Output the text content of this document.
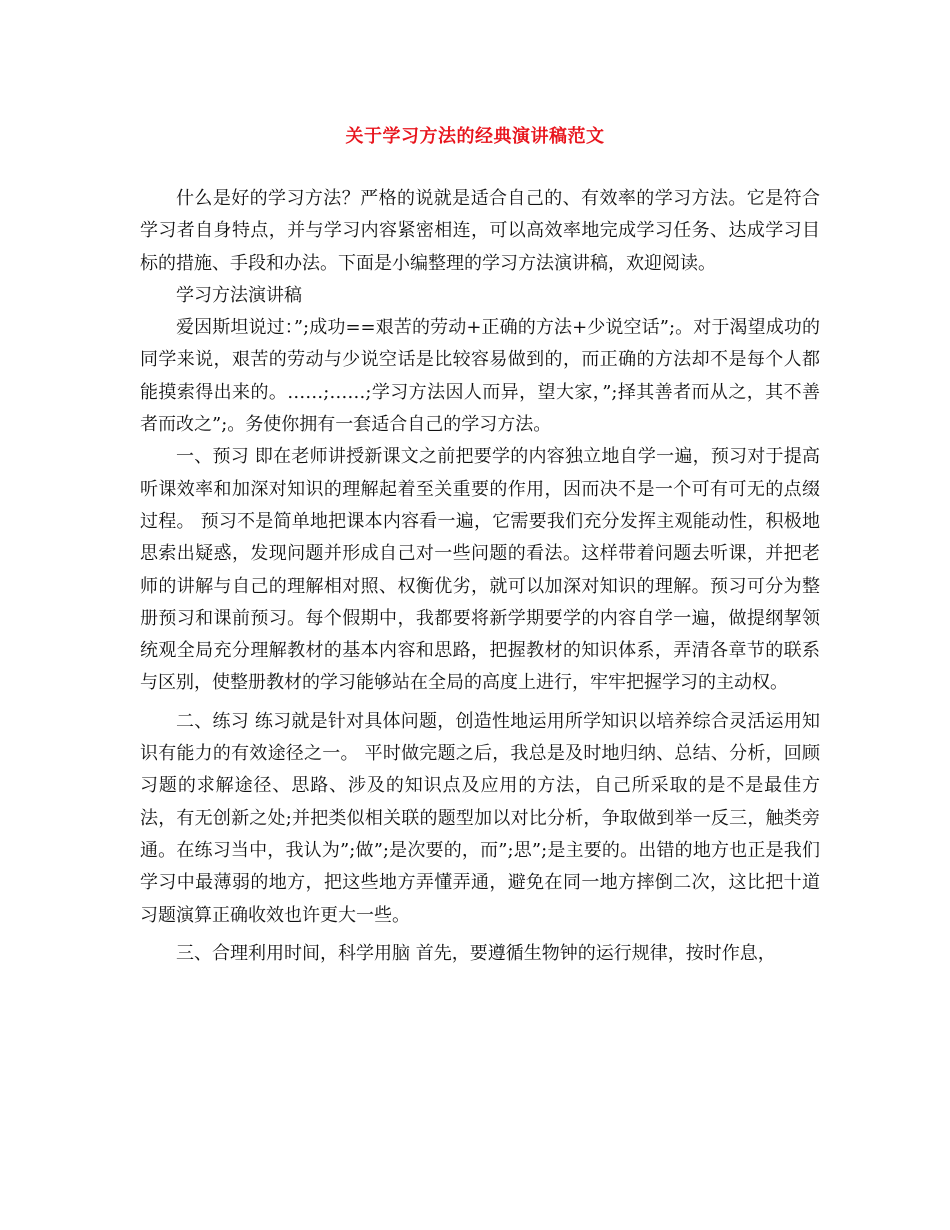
关于学习方法的经典演讲稿范文

什么是好的学习方法？严格的说就是适合自己的、有效率的学习方法。它是符合学习者自身特点，并与学习内容紧密相连，可以高效率地完成学习任务、达成学习目标的措施、手段和办法。下面是小编整理的学习方法演讲稿，欢迎阅读。

学习方法演讲稿

爱因斯坦说过：”;成功==艰苦的劳动+正确的方法+少说空话”;。对于渴望成功的同学来说，艰苦的劳动与少说空话是比较容易做到的，而正确的方法却不是每个人都能摸索得出来的。……;……;学习方法因人而异，望大家，”;择其善者而从之，其不善者而改之”;。务使你拥有一套适合自己的学习方法。

一、预习 即在老师讲授新课文之前把要学的内容独立地自学一遍，预习对于提高听课效率和加深对知识的理解起着至关重要的作用，因而决不是一个可有可无的点缀过程。 预习不是简单地把课本内容看一遍，它需要我们充分发挥主观能动性，积极地思索出疑惑，发现问题并形成自己对一些问题的看法。这样带着问题去听课，并把老师的讲解与自己的理解相对照、权衡优劣，就可以加深对知识的理解。预习可分为整册预习和课前预习。每个假期中，我都要将新学期要学的内容自学一遍，做提纲挈领统观全局充分理解教材的基本内容和思路，把握教材的知识体系，弄清各章节的联系与区别，使整册教材的学习能够站在全局的高度上进行，牢牢把握学习的主动权。

二、练习 练习就是针对具体问题，创造性地运用所学知识以培养综合灵活运用知识有能力的有效途径之一。 平时做完题之后，我总是及时地归纳、总结、分析，回顾习题的求解途径、思路、涉及的知识点及应用的方法，自己所采取的是不是最佳方法，有无创新之处;并把类似相关联的题型加以对比分析，争取做到举一反三，触类旁通。在练习当中，我认为”;做”;是次要的，而”;思”;是主要的。出错的地方也正是我们学习中最薄弱的地方，把这些地方弄懂弄通，避免在同一地方摔倒二次，这比把十道习题演算正确收效也许更大一些。

三、合理利用时间，科学用脑 首先，要遵循生物钟的运行规律，按时作息，
